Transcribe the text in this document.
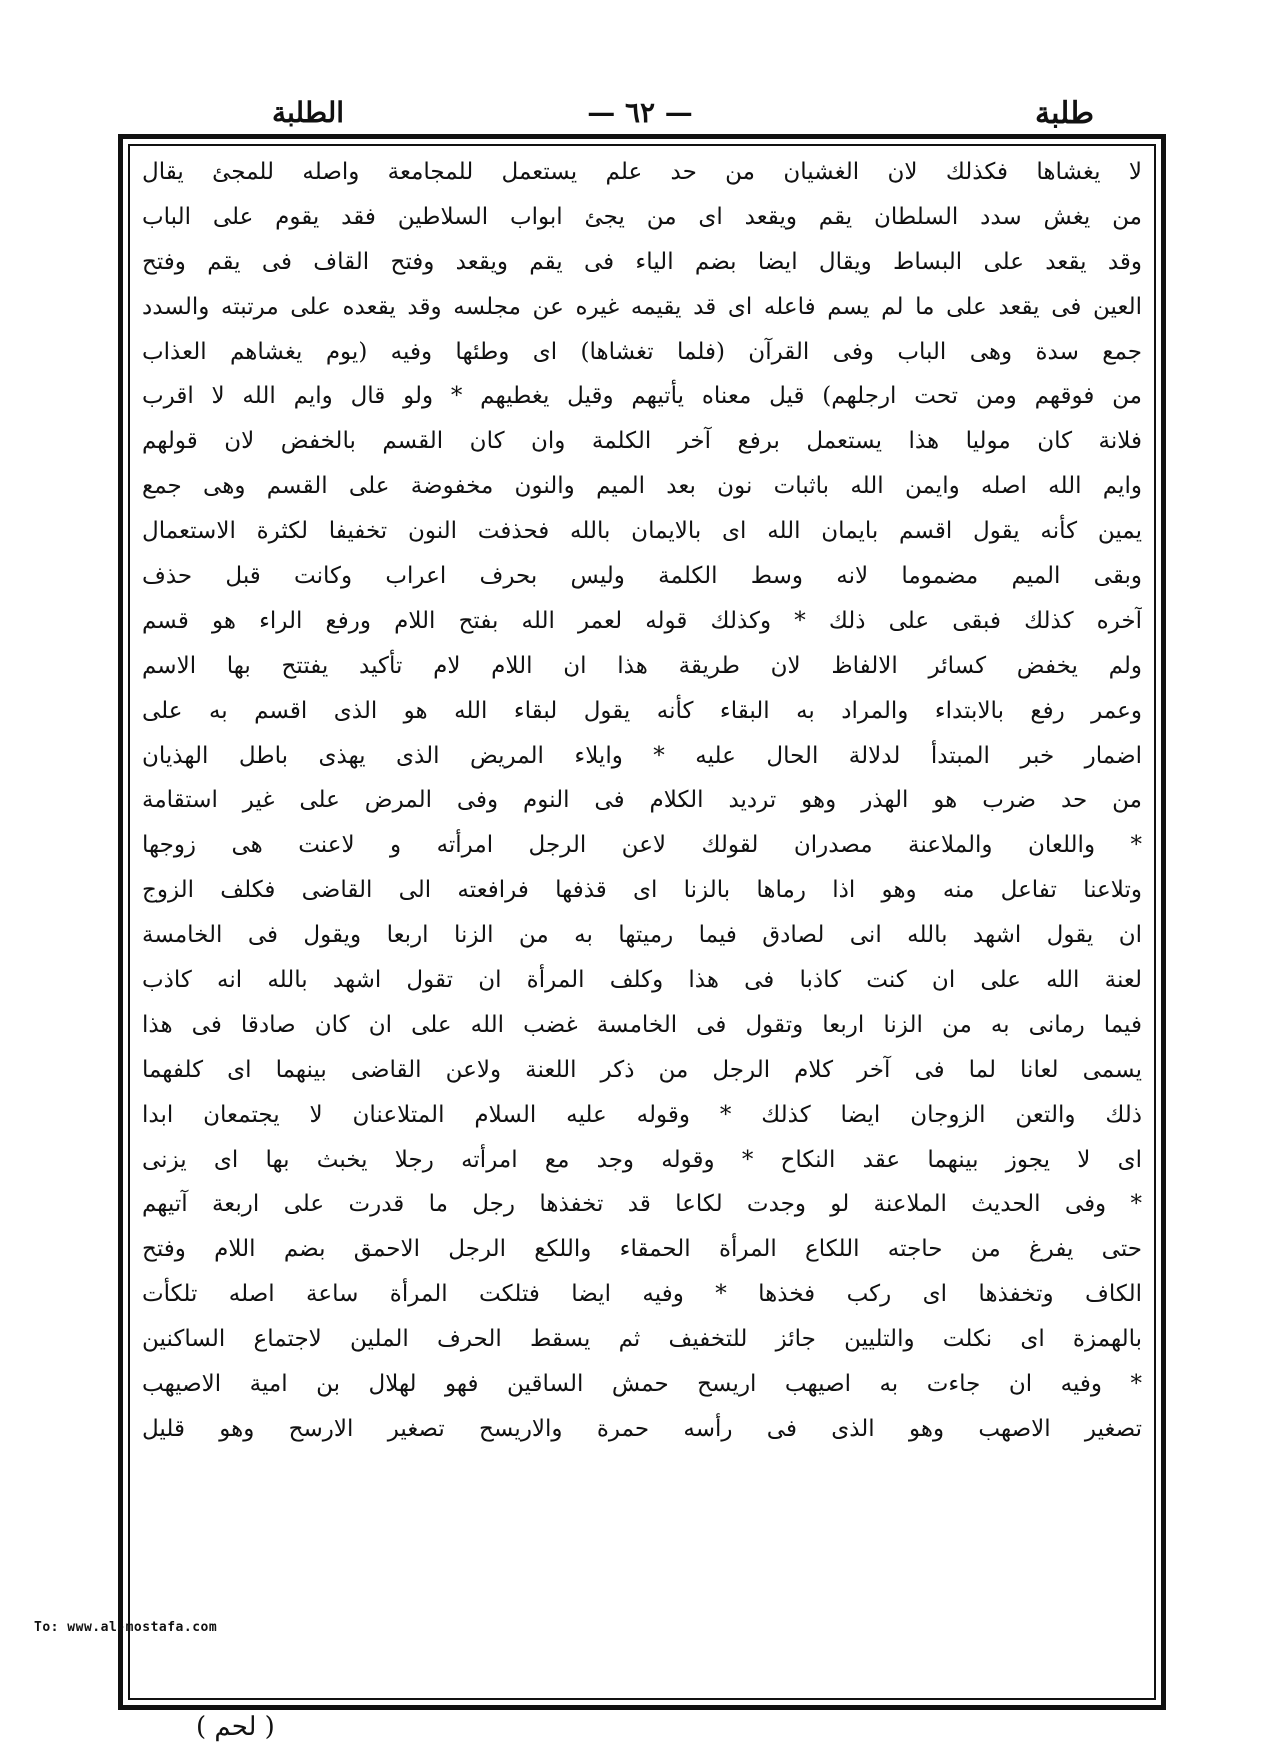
طلبة
— ٦٢ —
الطلبة
لا يغشاها فكذلك لان الغشيان من حد علم يستعمل للمجامعة واصله للمجئ يقال
من يغش سدد السلطان يقم ويقعد اى من يجئ ابواب السلاطين فقد يقوم على الباب
وقد يقعد على البساط ويقال ايضا بضم الياء فى يقم ويقعد وفتح القاف فى يقم وفتح
العين فى يقعد على ما لم يسم فاعله اى قد يقيمه غيره عن مجلسه وقد يقعده على مرتبته والسدد
جمع سدة وهى الباب وفى القرآن (فلما تغشاها) اى وطئها وفيه (يوم يغشاهم العذاب
من فوقهم ومن تحت ارجلهم) قيل معناه يأتيهم وقيل يغطيهم * ولو قال وايم الله لا اقرب
فلانة كان موليا هذا يستعمل برفع آخر الكلمة وان كان القسم بالخفض لان قولهم
وايم الله اصله وايمن الله باثبات نون بعد الميم والنون مخفوضة على القسم وهى جمع
يمين كأنه يقول اقسم بايمان الله اى بالايمان بالله فحذفت النون تخفيفا لكثرة الاستعمال
وبقى الميم مضموما لانه وسط الكلمة وليس بحرف اعراب وكانت قبل حذف
آخره كذلك فبقى على ذلك * وكذلك قوله لعمر الله بفتح اللام ورفع الراء هو قسم
ولم يخفض كسائر الالفاظ لان طريقة هذا ان اللام لام تأكيد يفتتح بها الاسم
وعمر رفع بالابتداء والمراد به البقاء كأنه يقول لبقاء الله هو الذى اقسم به على
اضمار خبر المبتدأ لدلالة الحال عليه * وايلاء المريض الذى يهذى باطل الهذيان
من حد ضرب هو الهذر وهو ترديد الكلام فى النوم وفى المرض على غير استقامة
* واللعان والملاعنة مصدران لقولك لاعن الرجل امرأته و لاعنت هى زوجها
وتلاعنا تفاعل منه وهو اذا رماها بالزنا اى قذفها فرافعته الى القاضى فكلف الزوج
ان يقول اشهد بالله انى لصادق فيما رميتها به من الزنا اربعا ويقول فى الخامسة
لعنة الله على ان كنت كاذبا فى هذا وكلف المرأة ان تقول اشهد بالله انه كاذب
فيما رمانى به من الزنا اربعا وتقول فى الخامسة غضب الله على ان كان صادقا فى هذا
يسمى لعانا لما فى آخر كلام الرجل من ذكر اللعنة ولاعن القاضى بينهما اى كلفهما
ذلك والتعن الزوجان ايضا كذلك * وقوله عليه السلام المتلاعنان لا يجتمعان ابدا
اى لا يجوز بينهما عقد النكاح * وقوله وجد مع امرأته رجلا يخبث بها اى يزنى
* وفى الحديث الملاعنة لو وجدت لكاعا قد تخفذها رجل ما قدرت على اربعة آتيهم
حتى يفرغ من حاجته اللكاع المرأة الحمقاء واللكع الرجل الاحمق بضم اللام وفتح
الكاف وتخفذها اى ركب فخذها * وفيه ايضا فتلكت المرأة ساعة اصله تلكأت
بالهمزة اى نكلت والتليين جائز للتخفيف ثم يسقط الحرف الملين لاجتماع الساكنين
* وفيه ان جاءت به اصيهب اريسح حمش الساقين فهو لهلال بن امية الاصيهب
تصغير الاصهب وهو الذى فى رأسه حمرة والاريسح تصغير الارسح وهو قليل
( لحم )
To: www.al-mostafa.com
